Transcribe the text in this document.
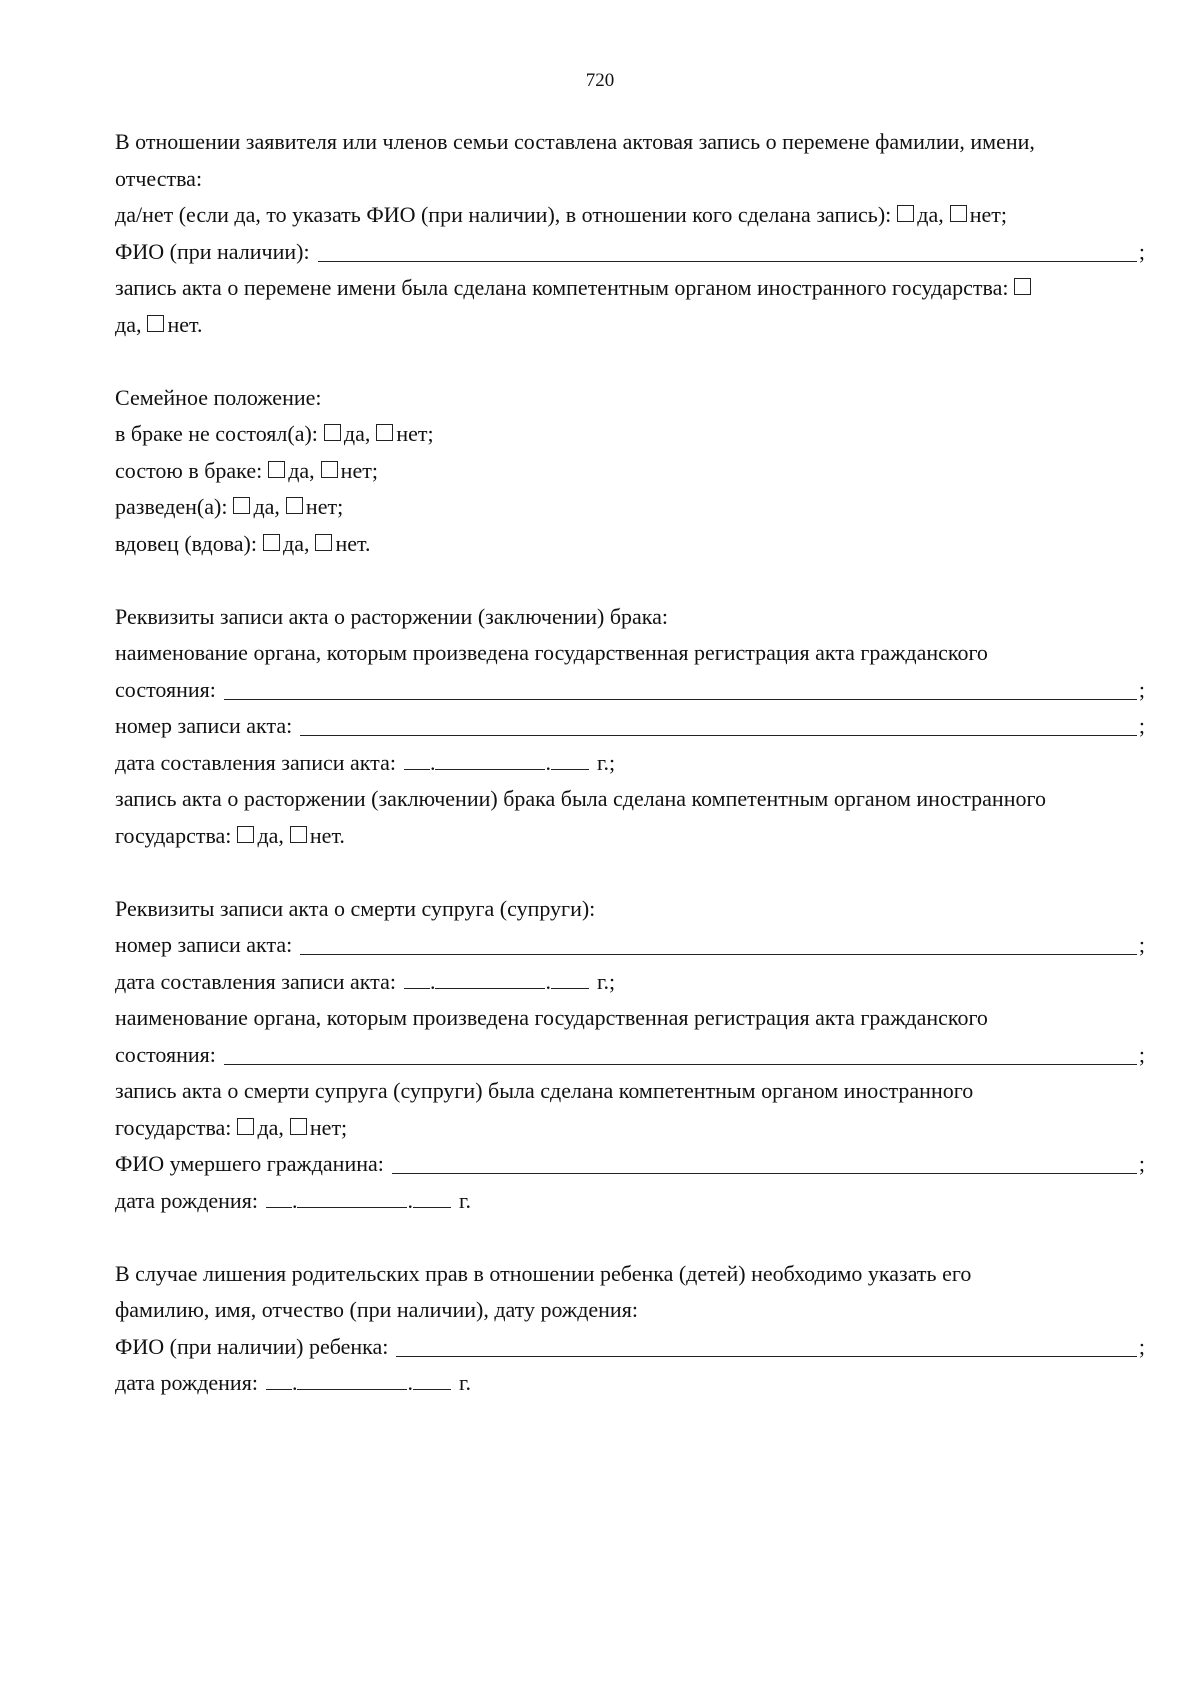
720
В отношении заявителя или членов семьи составлена актовая запись о перемене фамилии, имени,
отчества:
да/нет (если да, то указать ФИО (при наличии), в отношении кого сделана запись): да, нет;
ФИО (при наличии):	;
запись акта о перемене имени была сделана компетентным органом иностранного государства:
да, нет.
Семейное положение:
в браке не состоял(а): да, нет;
состою в браке: да, нет;
разведен(а): да, нет;
вдовец (вдова): да, нет.
Реквизиты записи акта о расторжении (заключении) брака:
наименование органа, которым произведена государственная регистрация акта гражданского
состояния:	;
номер записи акта:	;
дата составления записи акта: .	. г.;
запись акта о расторжении (заключении) брака была сделана компетентным органом иностранного
государства: да, нет.
Реквизиты записи акта о смерти супруга (супруги):
номер записи акта:	;
дата составления записи акта: .	. г.;
наименование органа, которым произведена государственная регистрация акта гражданского
состояния:	;
запись акта о смерти супруга (супруги) была сделана компетентным органом иностранного
государства: да, нет;
ФИО умершего гражданина:	;
дата рождения: .	. г.
В случае лишения родительских прав в отношении ребенка (детей) необходимо указать его
фамилию, имя, отчество (при наличии), дату рождения:
ФИО (при наличии) ребенка:	;
дата рождения: .	. г.
